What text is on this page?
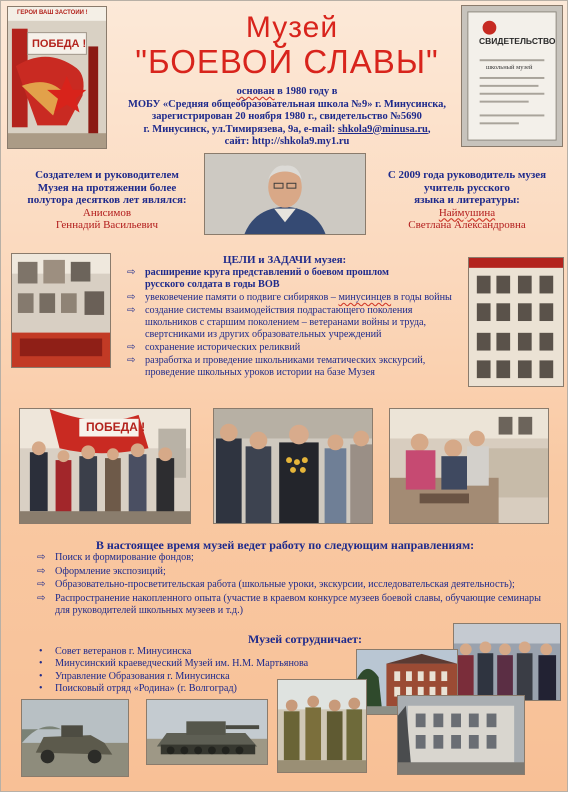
ГЕРОИ ВАШ ЗАСТОИИ !
ПОБЕДА !	Музей
"БОЕВОЙ СЛАВЫ"
основан в 1980 году в
МОБУ «Средняя общеобразовательная школа №9» г. Минусинска,
зарегистрирован 20 ноября 1980 г., свидетельство №5690
г. Минусинск, ул.Тимирязева, 9а, e-mail: shkola9@minusa.ru,
сайт: http://shkola9.my1.ru
СВИДЕТЕЛЬСТВО
школьный музей
Создателем и руководителем
Музея на протяжении более
полутора десятков лет являлся:
Анисимов
Геннадий Васильевич
С 2009 года руководитель музея
учитель русского
языка и литературы:
Наймушина
Светлана Александровна
ЦЕЛИ и ЗАДАЧИ музея:
⇨ расширение круга представлений о боевом прошлом
русского солдата в годы ВОВ
⇨ увековечение памяти о подвиге сибиряков – минусинцев в годы войны
⇨ создание системы взаимодействия подрастающего поколения школьников с старшим поколением – ветеранами войны и труда, свертсниками из других образовательных учреждений
⇨ сохранение исторических реликвий
⇨ разработка и проведение школьниками тематических экскурсий, проведение школьных уроков истории на базе Музея
ПОБЕДА !
В настоящее время музей ведет работу по следующим направлениям:
⇨ Поиск и формирование фондов;
⇨ Оформление экспозиций;
⇨ Образовательно-просветительская работа (школьные уроки, экскурсии, исследовательская деятельность);
⇨ Распространение накопленного опыта (участие в краевом конкурсе музеев боевой славы, обучающие семинары для руководителей школьных музеев и т.д.)
Музей сотрудничает:
• Совет ветеранов г. Минусинска
• Минусинский краеведческий Музей им. Н.М. Мартьянова
• Управление Образования г. Минусинска
• Поисковый отряд «Родина» (г. Волгоград)
